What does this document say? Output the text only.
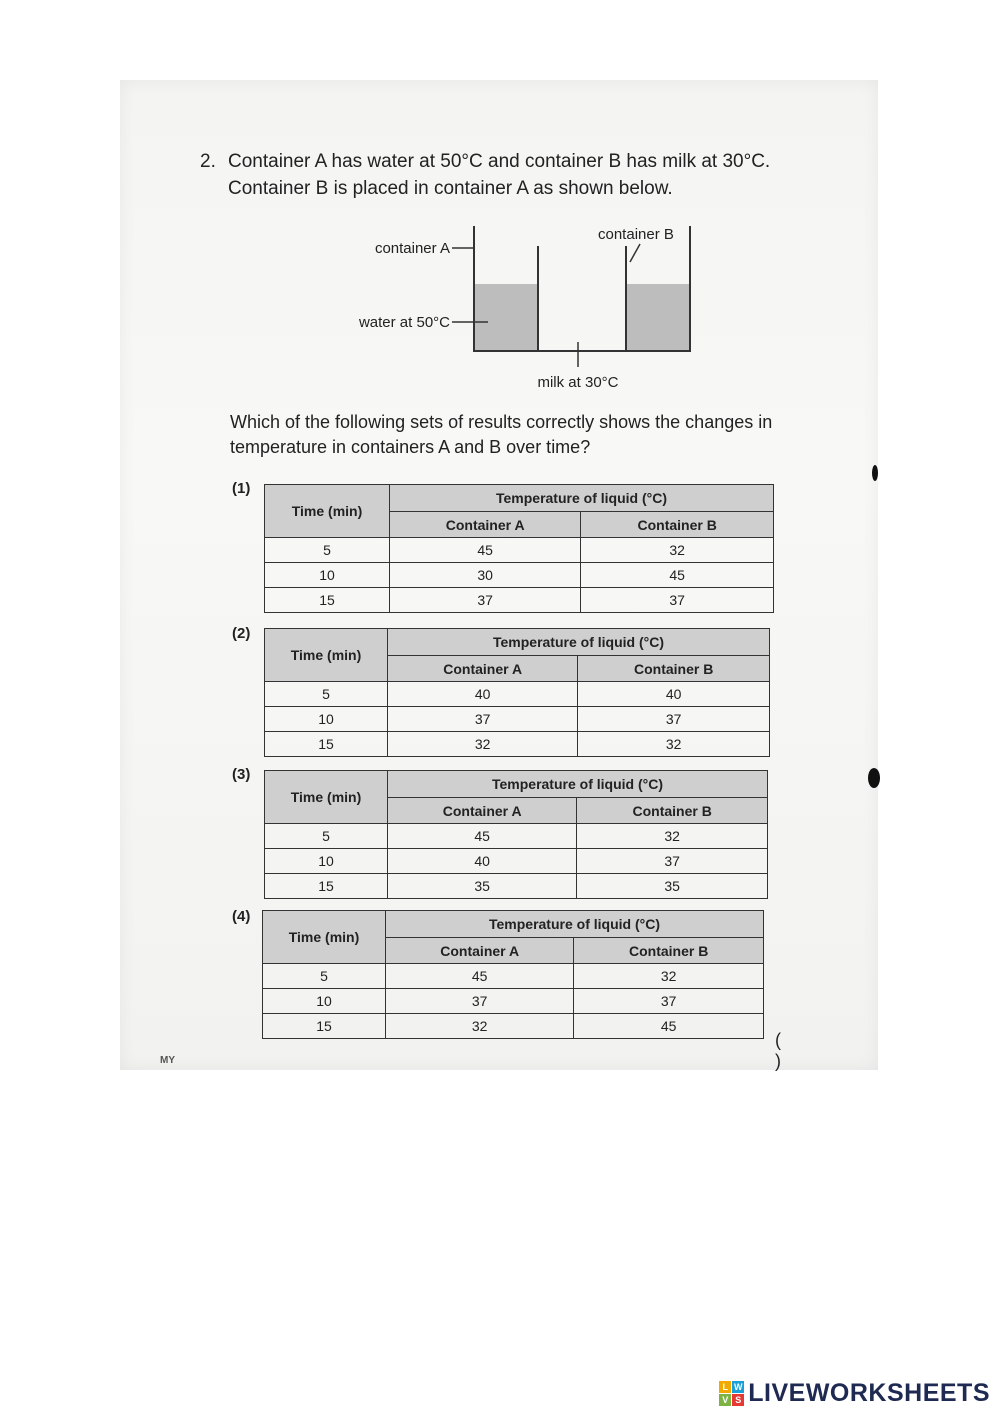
2. Container A has water at 50°C and container B has milk at 30°C.
Container B is placed in container A as shown below.
container A
container B
water at 50°C
milk at 30°C
Which of the following sets of results correctly shows the changes in
temperature in containers A and B over time?
(1)
Time (min)	Temperature of liquid (°C)	
	Container A	Container B
5	45	32
10	30	45
15	37	37
(2)
Time (min)	Temperature of liquid (°C)	
	Container A	Container B
5	40	40
10	37	37
15	32	32
(3)
Time (min)	Temperature of liquid (°C)	
	Container A	Container B
5	45	32
10	40	37
15	35	35
(4)
Time (min)	Temperature of liquid (°C)	
	Container A	Container B
5	45	32
10	37	37
15	32	45
( )
MY
L W
V S LIVEWORKSHEETS
